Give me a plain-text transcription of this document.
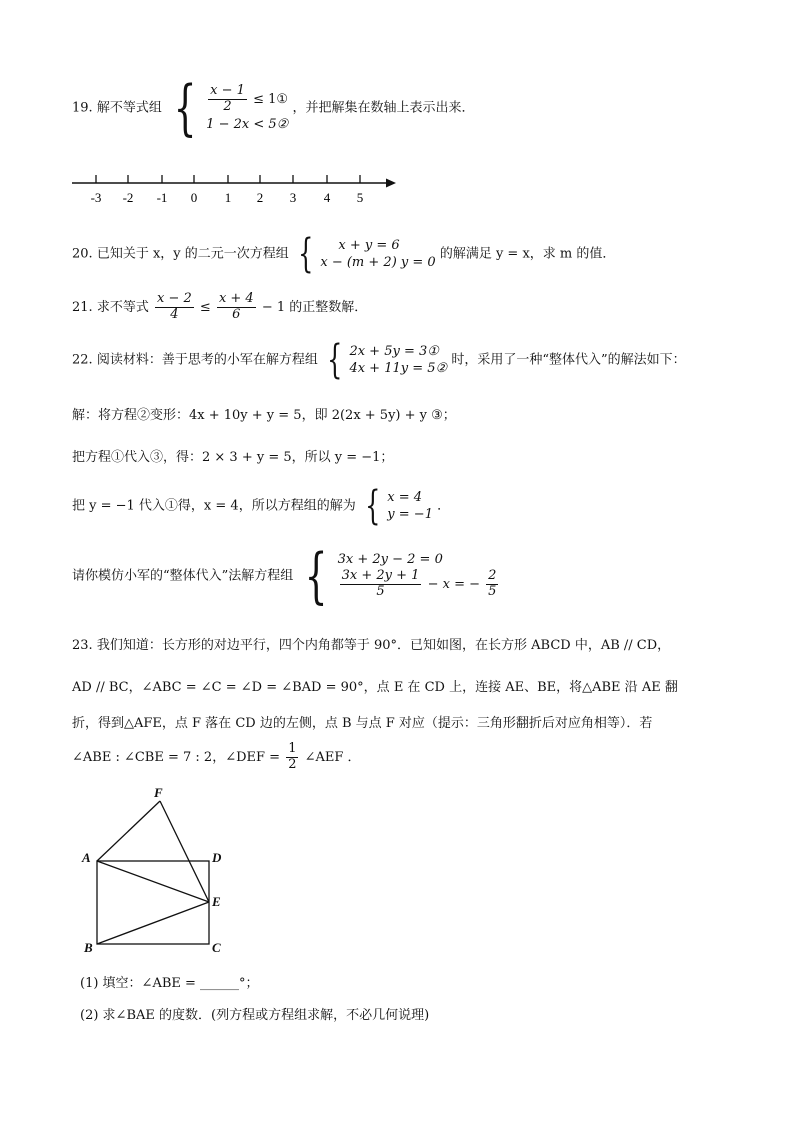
19. 解不等式组 { $\frac{x - 1}{2}$ ≤ 1①
1 − 2x < 5②
，并把解集在数轴上表示出来．
-3 -2 -1 0 1 2 3 4 5
20. 已知关于 x，y 的二元一次方程组 {	x + y = 6
x − (m + 2) y = 0
的解满足 y = x，求 m 的值．
21. 求不等式 $\frac{x - 2}{4} \le \frac{x + 4}{6} - 1$ 的正整数解．
22. 阅读材料：善于思考的小军在解方程组 { 2x + 5y = 3①
4x + 11y = 5②
时，采用了一种“整体代入”的解法如下：
解：将方程②变形：4x + 10y + y = 5，即 2(2x + 5y) + y ③；
把方程①代入③，得：2 × 3 + y = 5，所以 y = −1；
把 y = −1 代入①得，x = 4，所以方程组的解为 { x = 4
y = −1
．
请你模仿小军的“整体代入”法解方程组 { 3x + 2y − 2 = 0
$\frac{3x + 2y + 1}{5} - x$ = − $\frac{2}{5}$
23. 我们知道：长方形的对边平行，四个内角都等于 90°．已知如图，在长方形 ABCD 中，AB // CD，
AD // BC，∠ABC = ∠C = ∠D = ∠BAD = 90°，点 E 在 CD 上，连接 AE、BE，将△ABE 沿 AE 翻
折，得到△AFE，点 F 落在 CD 边的左侧，点 B 与点 F 对应（提示：三角形翻折后对应角相等）．若
∠ABE : ∠CBE = 7 : 2，∠DEF = $\frac{1}{2}$ ∠AEF ．
F
A	D
E
B	C
(1) 填空：∠ABE = ______°；
(2) 求∠BAE 的度数．(列方程或方程组求解，不必几何说理)
